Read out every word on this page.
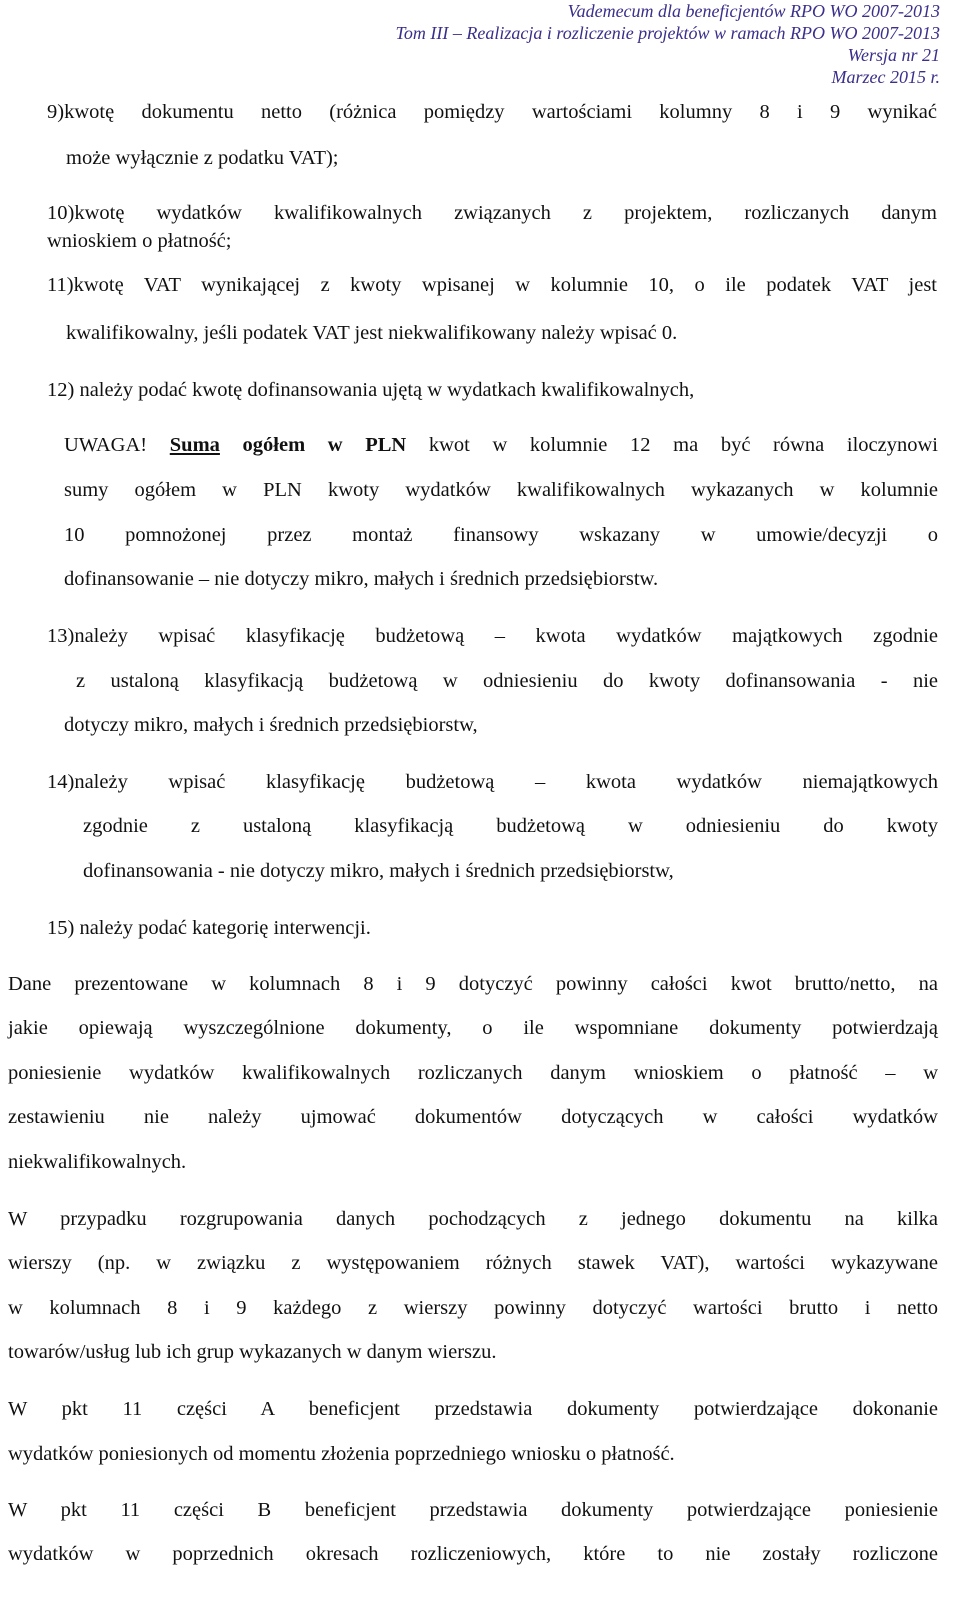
Vademecum dla beneficjentów RPO WO 2007-2013
Tom III – Realizacja i rozliczenie projektów w ramach RPO WO 2007-2013
Wersja nr 21
Marzec 2015 r.
9)kwotę dokumentu netto (różnica pomiędzy wartościami kolumny 8 i 9 wynikać
może wyłącznie z podatku VAT);
10)kwotę wydatków kwalifikowalnych związanych z projektem, rozliczanych danym
wnioskiem o płatność;
11)kwotę VAT wynikającej z kwoty wpisanej w kolumnie 10, o ile podatek VAT jest
kwalifikowalny, jeśli podatek VAT jest niekwalifikowany należy wpisać 0.
12) należy podać kwotę dofinansowania ujętą w wydatkach kwalifikowalnych,
UWAGA! Suma ogółem w PLN kwot w kolumnie 12 ma być równa iloczynowi
sumy ogółem w PLN kwoty wydatków kwalifikowalnych wykazanych w kolumnie
10 pomnożonej przez montaż finansowy wskazany w umowie/decyzji o
dofinansowanie – nie dotyczy mikro, małych i średnich przedsiębiorstw.
13)należy wpisać klasyfikację budżetową – kwota wydatków majątkowych zgodnie
z ustaloną klasyfikacją budżetową w odniesieniu do kwoty dofinansowania - nie
dotyczy mikro, małych i średnich przedsiębiorstw,
14)należy wpisać klasyfikację budżetową – kwota wydatków niemajątkowych
zgodnie z ustaloną klasyfikacją budżetową w odniesieniu do kwoty
dofinansowania - nie dotyczy mikro, małych i średnich przedsiębiorstw,
15) należy podać kategorię interwencji.
Dane prezentowane w kolumnach 8 i 9 dotyczyć powinny całości kwot brutto/netto, na
jakie opiewają wyszczególnione dokumenty, o ile wspomniane dokumenty potwierdzają
poniesienie wydatków kwalifikowalnych rozliczanych danym wnioskiem o płatność – w
zestawieniu nie należy ujmować dokumentów dotyczących w całości wydatków
niekwalifikowalnych.
W przypadku rozgrupowania danych pochodzących z jednego dokumentu na kilka
wierszy (np. w związku z występowaniem różnych stawek VAT), wartości wykazywane
w kolumnach 8 i 9 każdego z wierszy powinny dotyczyć wartości brutto i netto
towarów/usług lub ich grup wykazanych w danym wierszu.
W pkt 11 części A beneficjent przedstawia dokumenty potwierdzające dokonanie
wydatków poniesionych od momentu złożenia poprzedniego wniosku o płatność.
W pkt 11 części B beneficjent przedstawia dokumenty potwierdzające poniesienie
wydatków w poprzednich okresach rozliczeniowych, które to nie zostały rozliczone
